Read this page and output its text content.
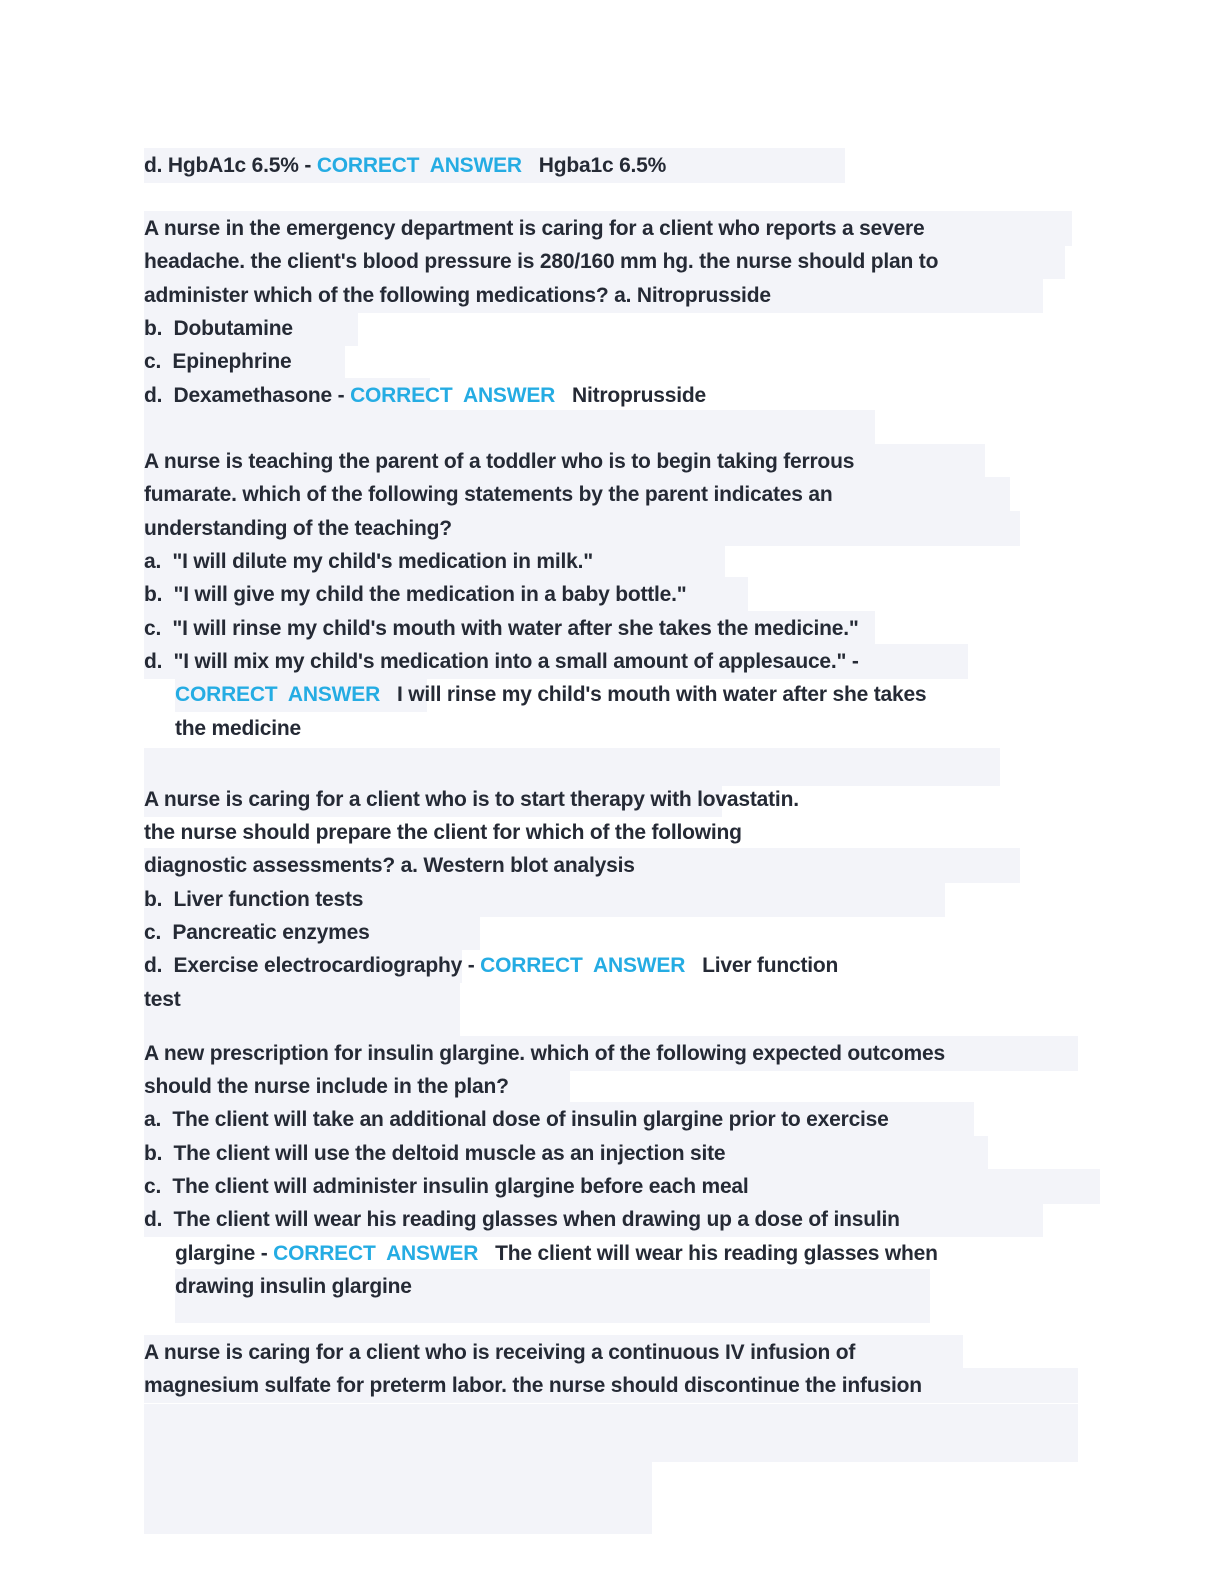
d. HgbA1c 6.5% - CORRECT  ANSWER   Hgba1c 6.5%
A nurse in the emergency department is caring for a client who reports a severe
headache. the client's blood pressure is 280/160 mm hg. the nurse should plan to
administer which of the following medications? a. Nitroprusside
b.  Dobutamine
c.  Epinephrine
d.  Dexamethasone - CORRECT  ANSWER   Nitroprusside
A nurse is teaching the parent of a toddler who is to begin taking ferrous
fumarate. which of the following statements by the parent indicates an
understanding of the teaching?
a.  "I will dilute my child's medication in milk."
b.  "I will give my child the medication in a baby bottle."
c.  "I will rinse my child's mouth with water after she takes the medicine."
d.  "I will mix my child's medication into a small amount of applesauce." -
CORRECT  ANSWER   I will rinse my child's mouth with water after she takes
the medicine
A nurse is caring for a client who is to start therapy with lovastatin.
the nurse should prepare the client for which of the following
diagnostic assessments? a. Western blot analysis
b.  Liver function tests
c.  Pancreatic enzymes
d.  Exercise electrocardiography - CORRECT  ANSWER   Liver function
test
A new prescription for insulin glargine. which of the following expected outcomes
should the nurse include in the plan?
a.  The client will take an additional dose of insulin glargine prior to exercise
b.  The client will use the deltoid muscle as an injection site
c.  The client will administer insulin glargine before each meal
d.  The client will wear his reading glasses when drawing up a dose of insulin
glargine - CORRECT  ANSWER   The client will wear his reading glasses when
drawing insulin glargine
A nurse is caring for a client who is receiving a continuous IV infusion of
magnesium sulfate for preterm labor. the nurse should discontinue the infusion
